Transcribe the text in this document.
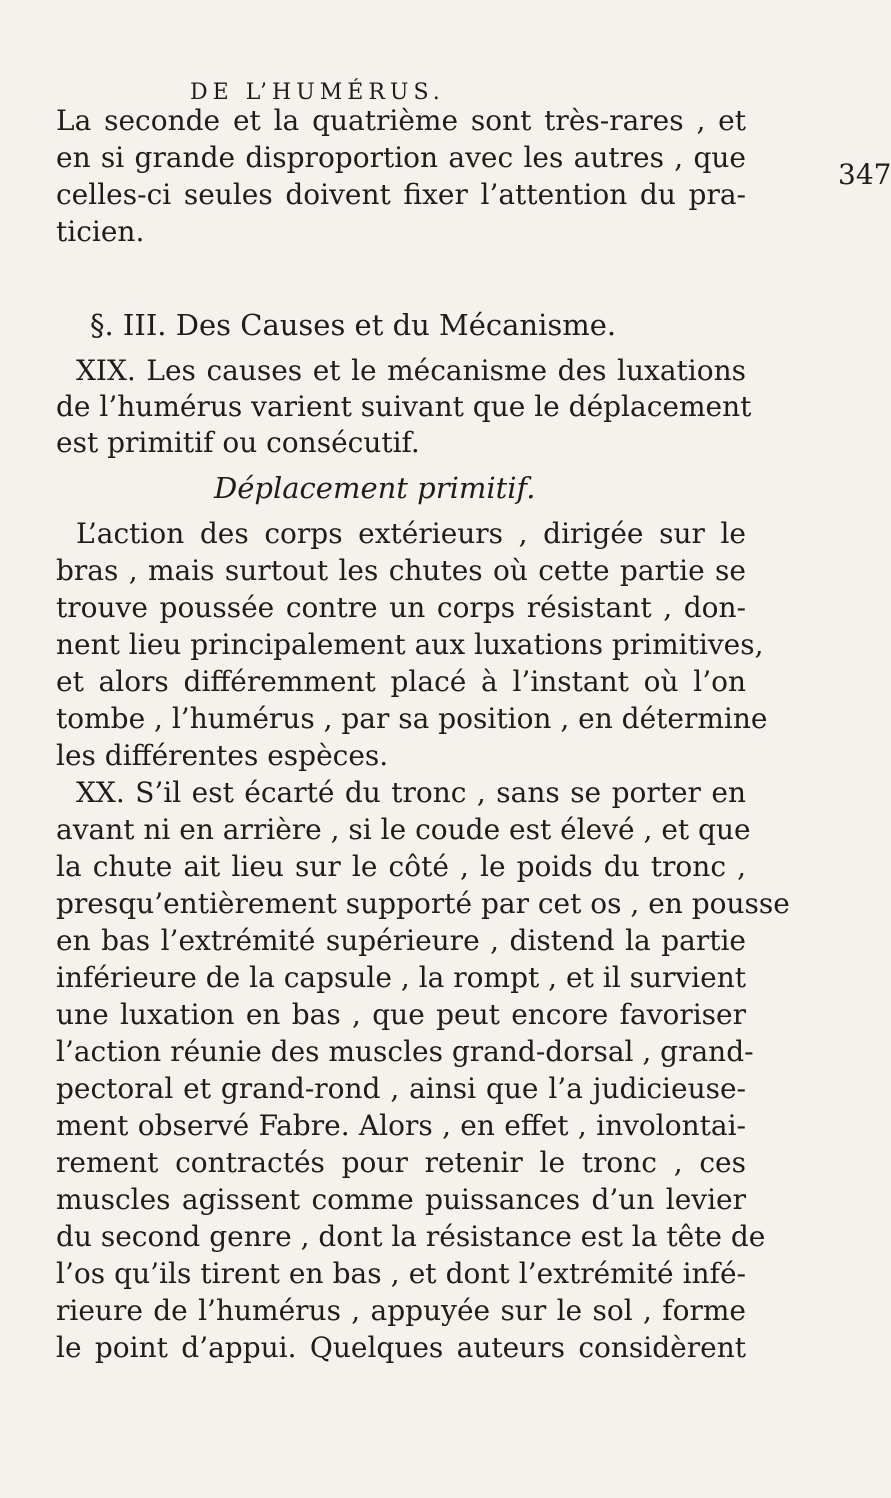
DE L’HUMÉRUS.
347
La seconde et la quatrième sont très-rares , et
en si grande disproportion avec les autres , que
celles-ci seules doivent fixer l’attention du pra-
ticien.
§. III. Des Causes et du Mécanisme.
XIX. Les causes et le mécanisme des luxations
de l’humérus varient suivant que le déplacement
est primitif ou consécutif.
Déplacement primitif.
L’action des corps extérieurs , dirigée sur le
bras , mais surtout les chutes où cette partie se
trouve poussée contre un corps résistant , don-
nent lieu principalement aux luxations primitives,
et alors différemment placé à l’instant où l’on
tombe , l’humérus , par sa position , en détermine
les différentes espèces.
XX. S’il est écarté du tronc , sans se porter en
avant ni en arrière , si le coude est élevé , et que
la chute ait lieu sur le côté , le poids du tronc ,
presqu’entièrement supporté par cet os , en pousse
en bas l’extrémité supérieure , distend la partie
inférieure de la capsule , la rompt , et il survient
une luxation en bas , que peut encore favoriser
l’action réunie des muscles grand-dorsal , grand-
pectoral et grand-rond , ainsi que l’a judicieuse-
ment observé Fabre. Alors , en effet , involontai-
rement contractés pour retenir le tronc , ces
muscles agissent comme puissances d’un levier
du second genre , dont la résistance est la tête de
l’os qu’ils tirent en bas , et dont l’extrémité infé-
rieure de l’humérus , appuyée sur le sol , forme
le point d’appui. Quelques auteurs considèrent
